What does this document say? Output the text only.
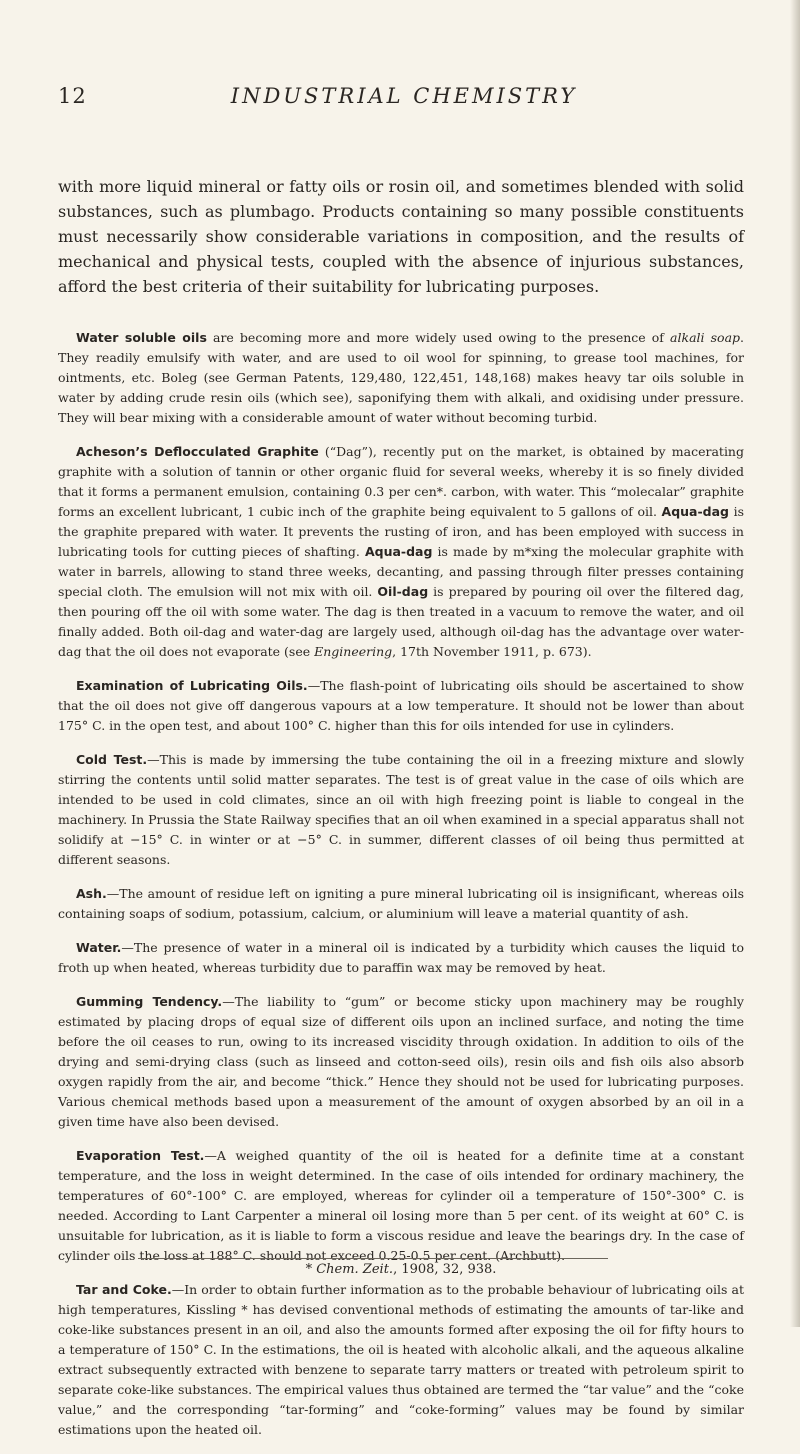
12	INDUSTRIAL CHEMISTRY

with more liquid mineral or fatty oils or rosin oil, and sometimes blended with solid substances, such as plumbago. Products containing so many possible constituents must necessarily show considerable variations in composition, and the results of mechanical and physical tests, coupled with the absence of injurious substances, afford the best criteria of their suitability for lubricating purposes.

Water soluble oils are becoming more and more widely used owing to the presence of alkali soap. They readily emulsify with water, and are used to oil wool for spinning, to grease tool machines, for ointments, etc. Boleg (see German Patents, 129,480, 122,451, 148,168) makes heavy tar oils soluble in water by adding crude resin oils (which see), saponifying them with alkali, and oxidising under pressure. They will bear mixing with a considerable amount of water without becoming turbid.

Acheson’s Deflocculated Graphite (“Dag”), recently put on the market, is obtained by macerating graphite with a solution of tannin or other organic fluid for several weeks, whereby it is so finely divided that it forms a permanent emulsion, containing 0.3 per cen*. carbon, with water. This “molecalar” graphite forms an excellent lubricant, 1 cubic inch of the graphite being equivalent to 5 gallons of oil. Aqua-dag is the graphite prepared with water. It prevents the rusting of iron, and has been employed with success in lubricating tools for cutting pieces of shafting. Aqua-dag is made by m*xing the molecular graphite with water in barrels, allowing to stand three weeks, decanting, and passing through filter presses containing special cloth. The emulsion will not mix with oil. Oil-dag is prepared by pouring oil over the filtered dag, then pouring off the oil with some water. The dag is then treated in a vacuum to remove the water, and oil finally added. Both oil-dag and water-dag are largely used, although oil-dag has the advantage over water-dag that the oil does not evaporate (see Engineering, 17th November 1911, p. 673).

Examination of Lubricating Oils.—The flash-point of lubricating oils should be ascertained to show that the oil does not give off dangerous vapours at a low temperature. It should not be lower than about 175° C. in the open test, and about 100° C. higher than this for oils intended for use in cylinders.

Cold Test.—This is made by immersing the tube containing the oil in a freezing mixture and slowly stirring the contents until solid matter separates. The test is of great value in the case of oils which are intended to be used in cold climates, since an oil with high freezing point is liable to congeal in the machinery. In Prussia the State Railway specifies that an oil when examined in a special apparatus shall not solidify at −15° C. in winter or at −5° C. in summer, different classes of oil being thus permitted at different seasons.

Ash.—The amount of residue left on igniting a pure mineral lubricating oil is insignificant, whereas oils containing soaps of sodium, potassium, calcium, or aluminium will leave a material quantity of ash.

Water.—The presence of water in a mineral oil is indicated by a turbidity which causes the liquid to froth up when heated, whereas turbidity due to paraffin wax may be removed by heat.

Gumming Tendency.—The liability to “gum” or become sticky upon machinery may be roughly estimated by placing drops of equal size of different oils upon an inclined surface, and noting the time before the oil ceases to run, owing to its increased viscidity through oxidation. In addition to oils of the drying and semi-drying class (such as linseed and cotton-seed oils), resin oils and fish oils also absorb oxygen rapidly from the air, and become “thick.” Hence they should not be used for lubricating purposes. Various chemical methods based upon a measurement of the amount of oxygen absorbed by an oil in a given time have also been devised.

Evaporation Test.—A weighed quantity of the oil is heated for a definite time at a constant temperature, and the loss in weight determined. In the case of oils intended for ordinary machinery, the temperatures of 60°-100° C. are employed, whereas for cylinder oil a temperature of 150°-300° C. is needed. According to Lant Carpenter a mineral oil losing more than 5 per cent. of its weight at 60° C. is unsuitable for lubrication, as it is liable to form a viscous residue and leave the bearings dry. In the case of cylinder oils the loss at 188° C. should not exceed 0.25-0.5 per cent. (Archbutt).

Tar and Coke.—In order to obtain further information as to the probable behaviour of lubricating oils at high temperatures, Kissling * has devised conventional methods of estimating the amounts of tar-like and coke-like substances present in an oil, and also the amounts formed after exposing the oil for fifty hours to a temperature of 150° C. In the estimations, the oil is heated with alcoholic alkali, and the aqueous alkaline extract subsequently extracted with benzene to separate tarry matters or treated with petroleum spirit to separate coke-like substances. The empirical values thus obtained are termed the “tar value” and the “coke value,” and the corresponding “tar-forming” and “coke-forming” values may be found by similar estimations upon the heated oil.

* Chem. Zeit., 1908, 32, 938.
